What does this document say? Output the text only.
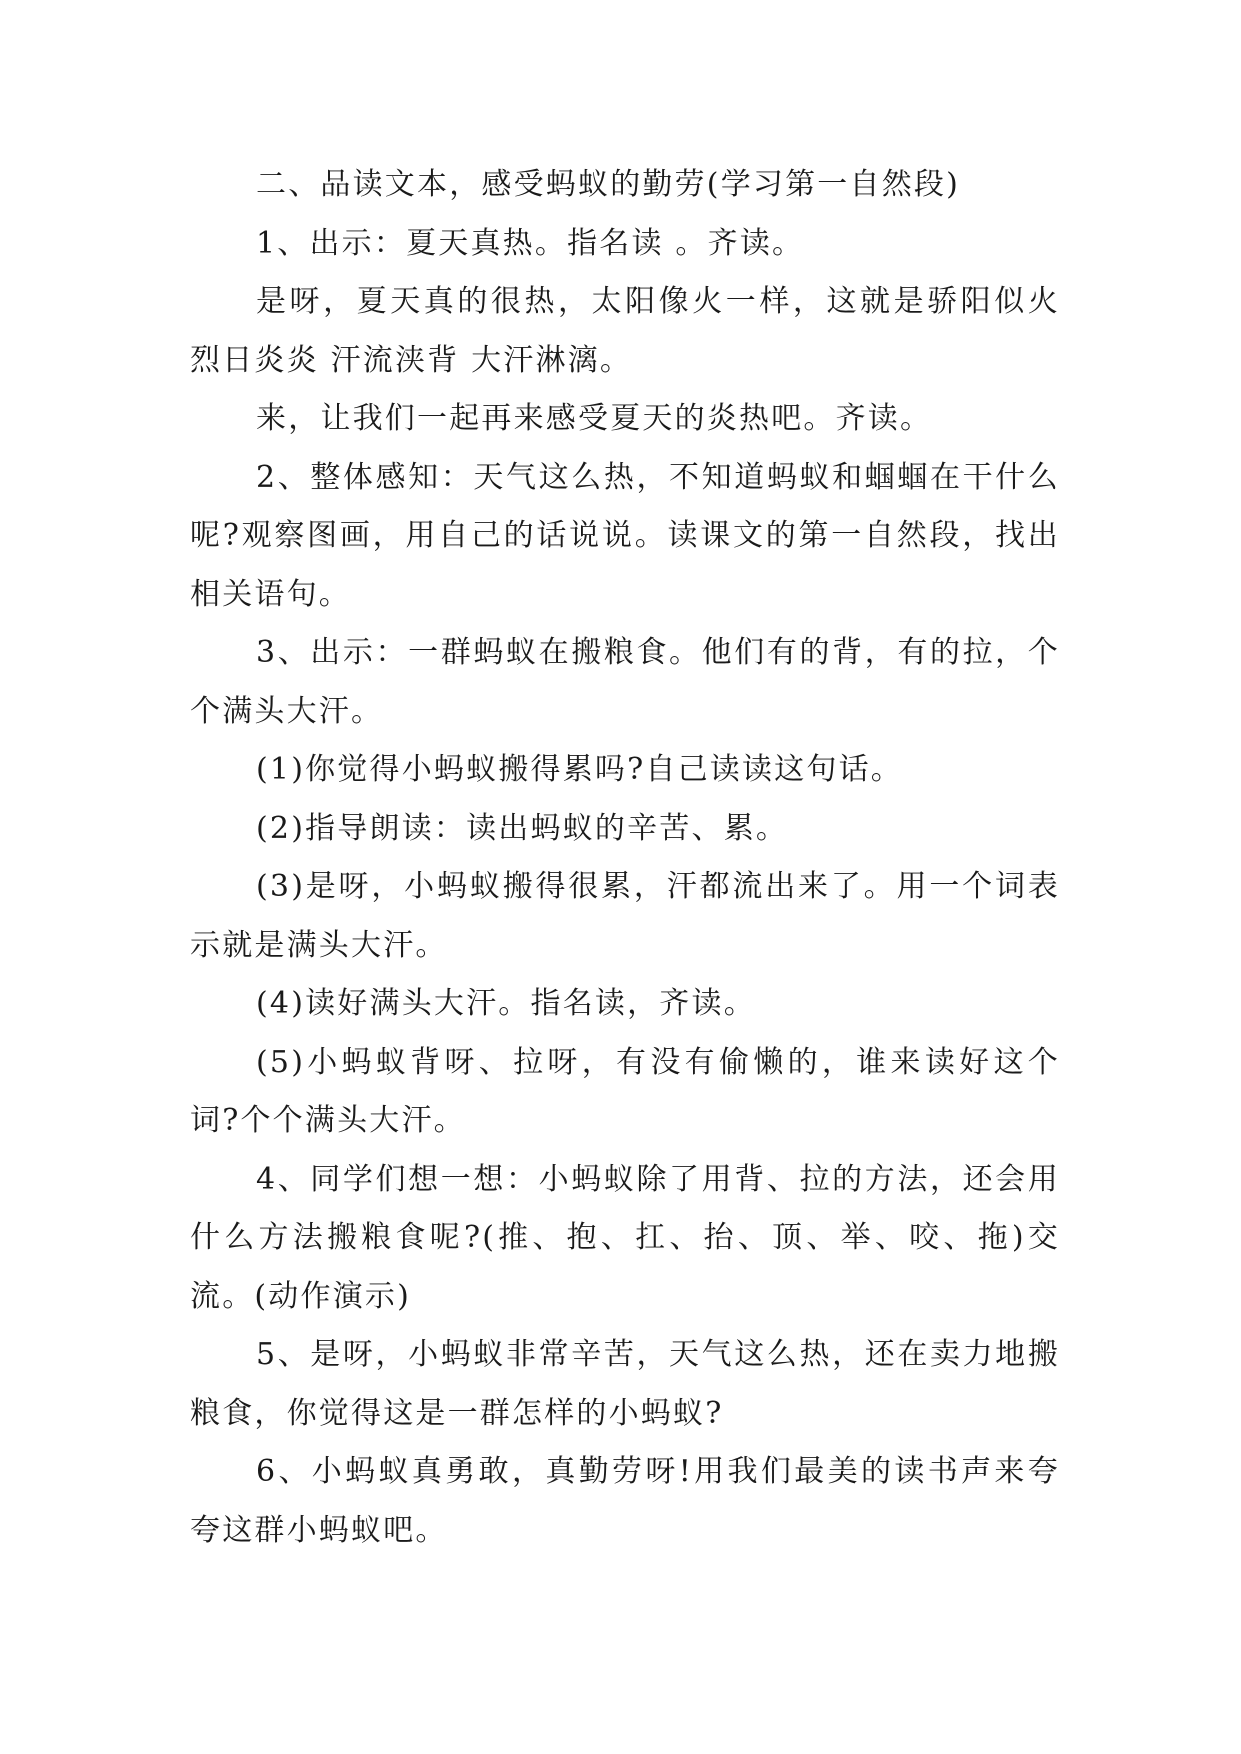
二、品读文本，感受蚂蚁的勤劳(学习第一自然段)

1、出示：夏天真热。指名读 。齐读。

是呀，夏天真的很热，太阳像火一样，这就是骄阳似火 烈日炎炎 汗流浃背 大汗淋漓。

来，让我们一起再来感受夏天的炎热吧。齐读。

2、整体感知：天气这么热，不知道蚂蚁和蝈蝈在干什么呢?观察图画，用自己的话说说。读课文的第一自然段，找出相关语句。

3、出示：一群蚂蚁在搬粮食。他们有的背，有的拉，个个满头大汗。

(1)你觉得小蚂蚁搬得累吗?自己读读这句话。

(2)指导朗读：读出蚂蚁的辛苦、累。

(3)是呀，小蚂蚁搬得很累，汗都流出来了。用一个词表示就是满头大汗。

(4)读好满头大汗。指名读，齐读。

(5)小蚂蚁背呀、拉呀，有没有偷懒的，谁来读好这个词?个个满头大汗。

4、同学们想一想：小蚂蚁除了用背、拉的方法，还会用什么方法搬粮食呢?(推、抱、扛、抬、顶、举、咬、拖)交流。(动作演示)

5、是呀，小蚂蚁非常辛苦，天气这么热，还在卖力地搬粮食，你觉得这是一群怎样的小蚂蚁?

6、小蚂蚁真勇敢，真勤劳呀!用我们最美的读书声来夸夸这群小蚂蚁吧。
